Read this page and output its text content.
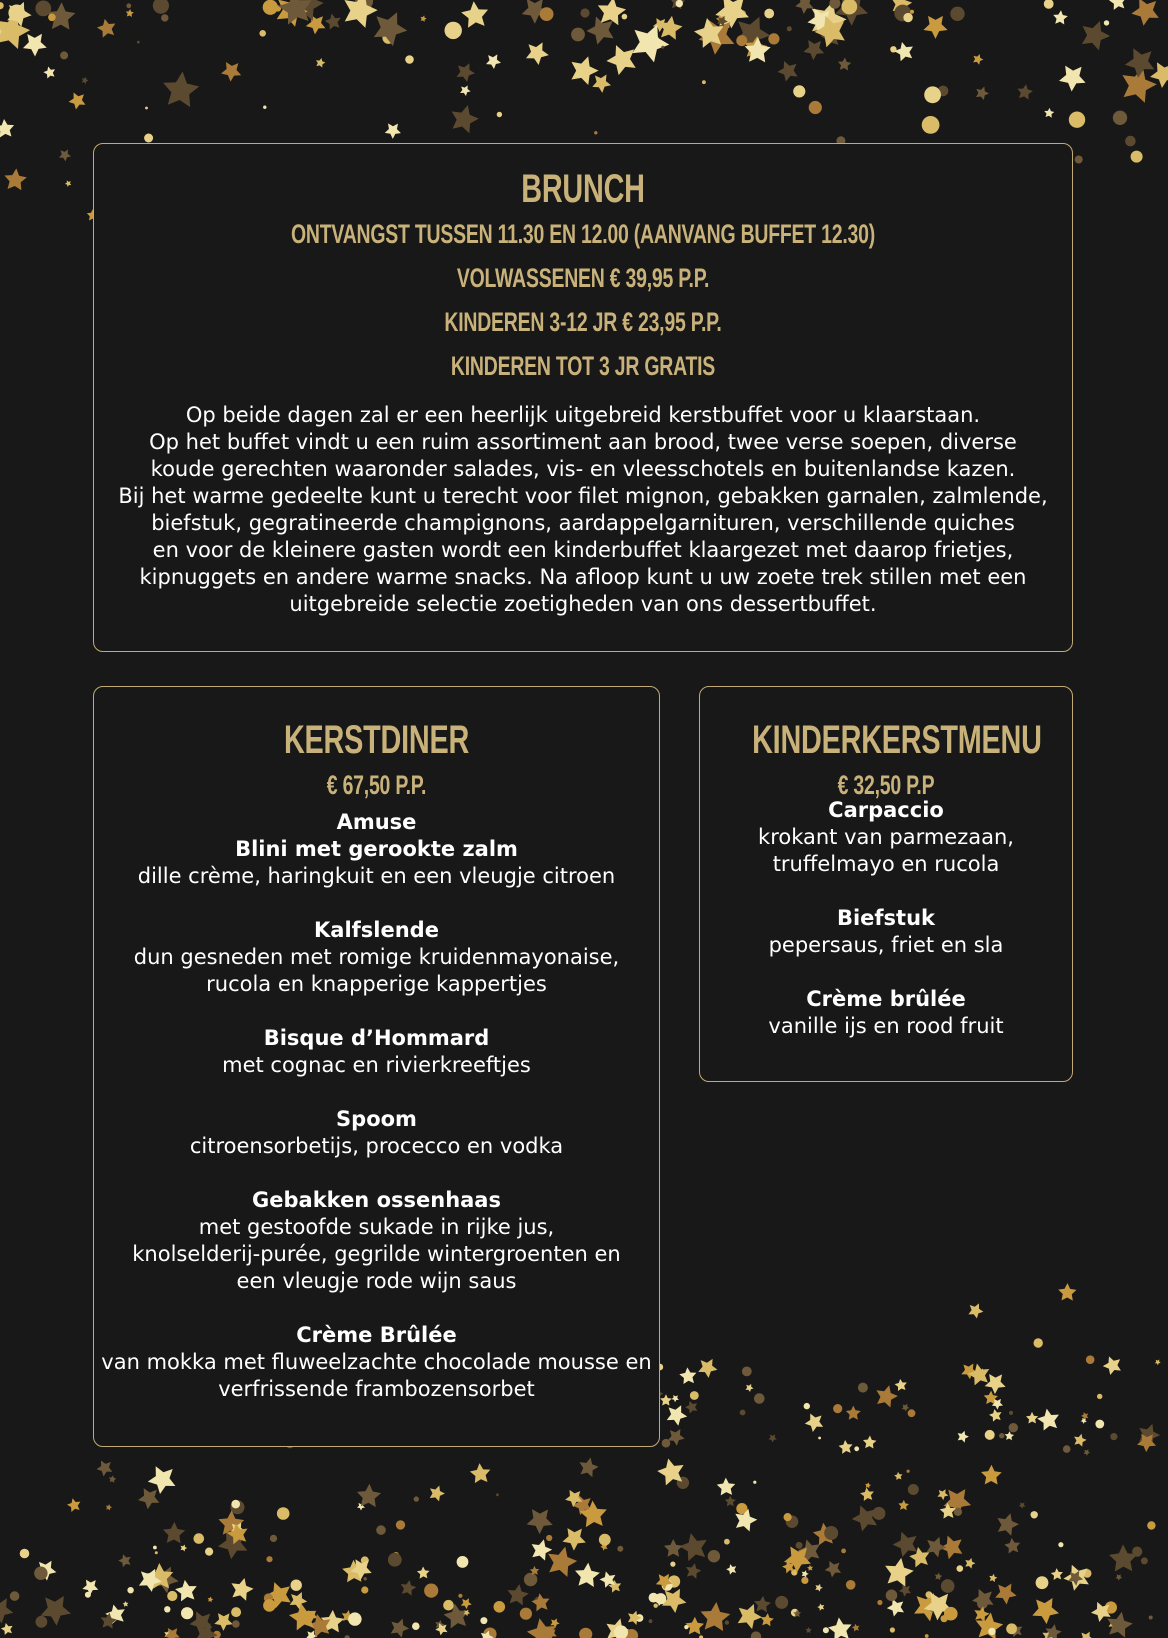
BRUNCH
ONTVANGST TUSSEN 11.30 EN 12.00 (AANVANG BUFFET 12.30)
VOLWASSENEN € 39,95 P.P.
KINDEREN 3-12 JR € 23,95 P.P.
KINDEREN TOT 3 JR GRATIS
Op beide dagen zal er een heerlijk uitgebreid kerstbuffet voor u klaarstaan.
Op het buffet vindt u een ruim assortiment aan brood, twee verse soepen, diverse
koude gerechten waaronder salades, vis- en vleesschotels en buitenlandse kazen.
Bij het warme gedeelte kunt u terecht voor filet mignon, gebakken garnalen, zalmlende,
biefstuk, gegratineerde champignons, aardappelgarnituren, verschillende quiches
en voor de kleinere gasten wordt een kinderbuffet klaargezet met daarop frietjes,
kipnuggets en andere warme snacks. Na afloop kunt u uw zoete trek stillen met een
uitgebreide selectie zoetigheden van ons dessertbuffet.
KERSTDINER
€ 67,50 P.P.
Amuse
Blini met gerookte zalm
dille crème, haringkuit en een vleugje citroen
Kalfslende
dun gesneden met romige kruidenmayonaise,
rucola en knapperige kappertjes
Bisque d’Hommard
met cognac en rivierkreeftjes
Spoom
citroensorbetijs, procecco en vodka
Gebakken ossenhaas
met gestoofde sukade in rijke jus,
knolselderij-purée, gegrilde wintergroenten en
een vleugje rode wijn saus
Crème Brûlée
van mokka met fluweelzachte chocolade mousse en
verfrissende frambozensorbet
KINDERKERSTMENU
€ 32,50 P.P
Carpaccio
krokant van parmezaan,
truffelmayo en rucola
Biefstuk
pepersaus, friet en sla
Crème brûlée
vanille ijs en rood fruit
